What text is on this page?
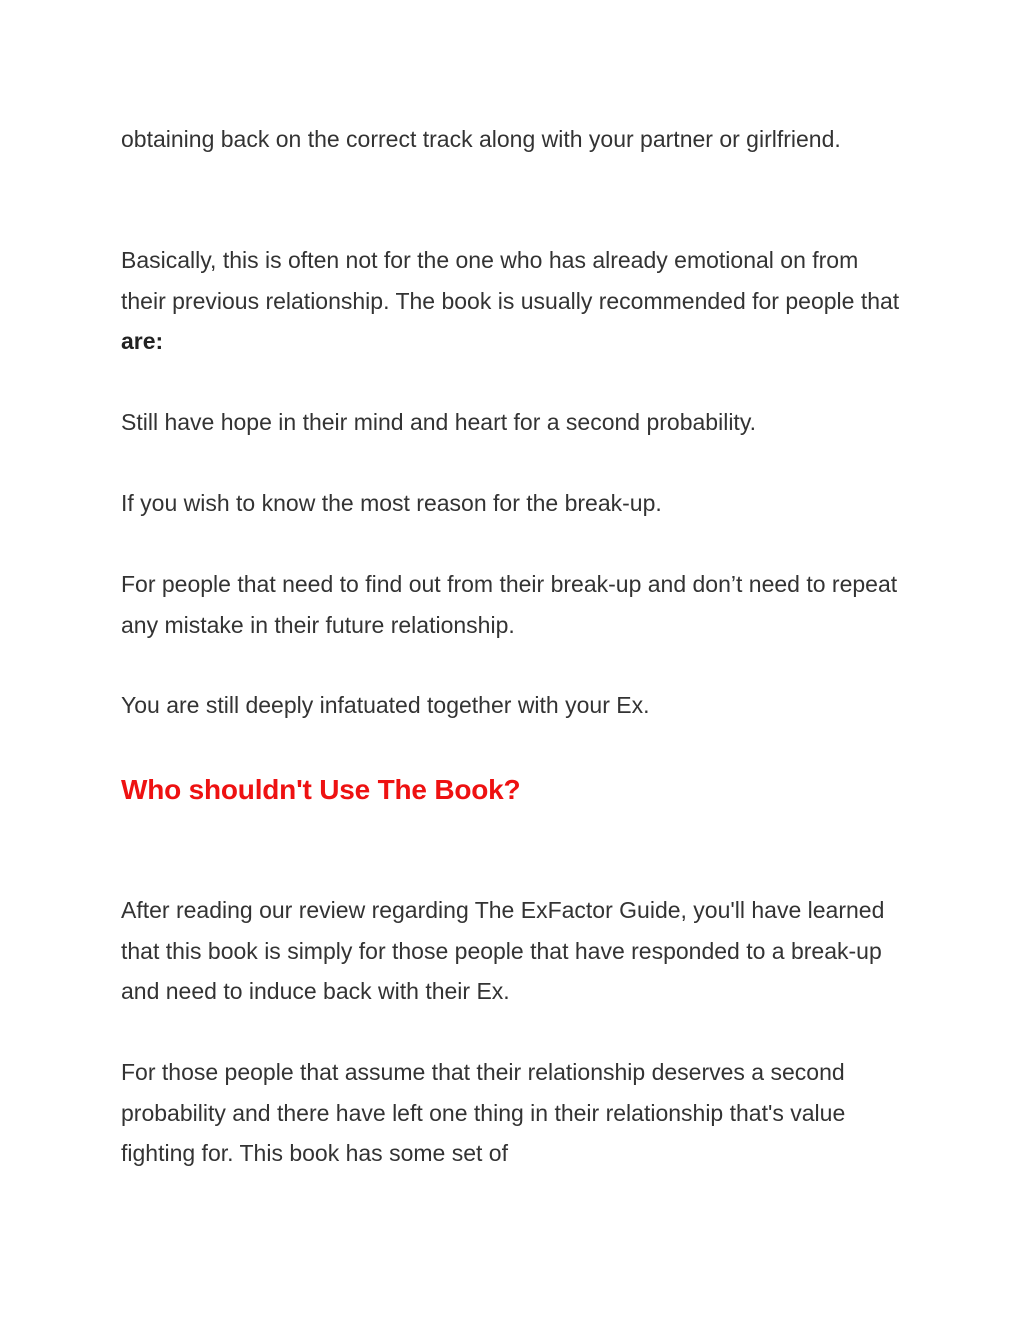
obtaining back on the correct track along with your partner or girlfriend.

Basically, this is often not for the one who has already emotional on from their previous relationship. The book is usually recommended for people that are:

Still have hope in their mind and heart for a second probability.

If you wish to know the most reason for the break-up.

For people that need to find out from their break-up and don’t need to repeat any mistake in their future relationship.

You are still deeply infatuated together with your Ex.

Who shouldn't Use The Book?

After reading our review regarding The ExFactor Guide, you'll have learned that this book is simply for those people that have responded to a break-up and need to induce back with their Ex.

For those people that assume that their relationship deserves a second probability and there have left one thing in their relationship that's value fighting for. This book has some set of
